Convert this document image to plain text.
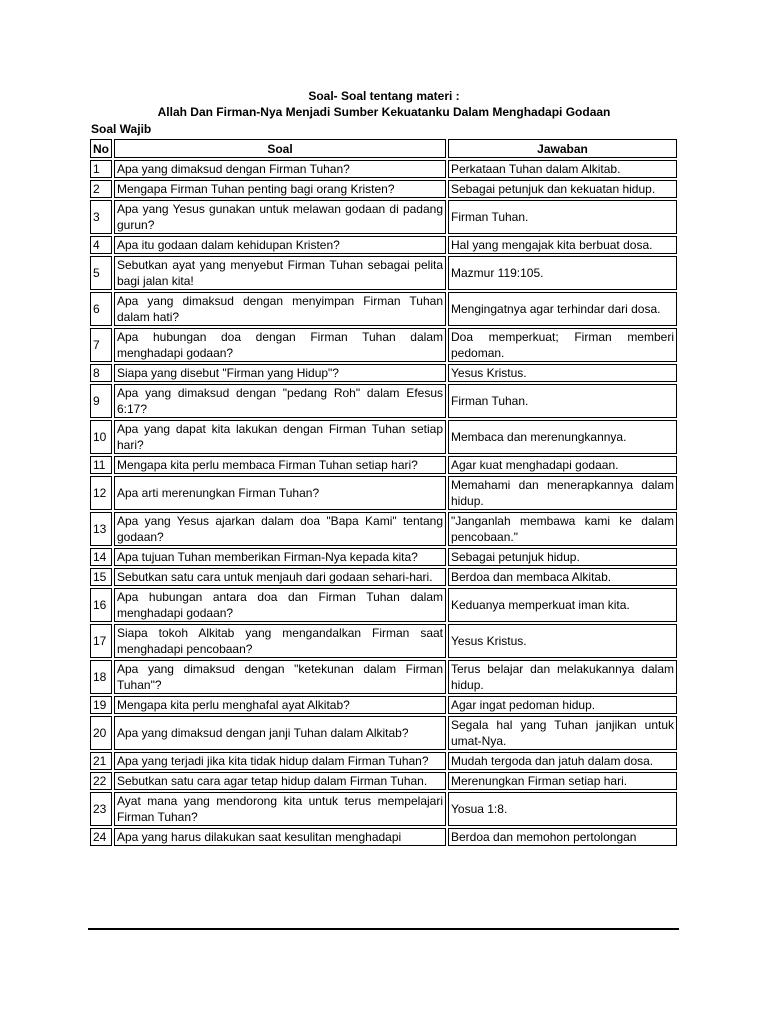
Soal- Soal tentang materi :
Allah Dan Firman-Nya Menjadi Sumber Kekuatanku Dalam Menghadapi Godaan
Soal Wajib
No	Soal	Jawaban
1	Apa yang dimaksud dengan Firman Tuhan?	Perkataan Tuhan dalam Alkitab.
2	Mengapa Firman Tuhan penting bagi orang Kristen?	Sebagai petunjuk dan kekuatan hidup.
3	Apa yang Yesus gunakan untuk melawan godaan di padang gurun?	Firman Tuhan.
4	Apa itu godaan dalam kehidupan Kristen?	Hal yang mengajak kita berbuat dosa.
5	Sebutkan ayat yang menyebut Firman Tuhan sebagai pelita bagi jalan kita!	Mazmur 119:105.
6	Apa yang dimaksud dengan menyimpan Firman Tuhan dalam hati?	Mengingatnya agar terhindar dari dosa.
7	Apa hubungan doa dengan Firman Tuhan dalam menghadapi godaan?	Doa memperkuat; Firman memberi pedoman.
8	Siapa yang disebut "Firman yang Hidup"?	Yesus Kristus.
9	Apa yang dimaksud dengan "pedang Roh" dalam Efesus 6:17?	Firman Tuhan.
10	Apa yang dapat kita lakukan dengan Firman Tuhan setiap hari?	Membaca dan merenungkannya.
11	Mengapa kita perlu membaca Firman Tuhan setiap hari?	Agar kuat menghadapi godaan.
12	Apa arti merenungkan Firman Tuhan?	Memahami dan menerapkannya dalam hidup.
13	Apa yang Yesus ajarkan dalam doa "Bapa Kami" tentang godaan?	"Janganlah membawa kami ke dalam pencobaan."
14	Apa tujuan Tuhan memberikan Firman-Nya kepada kita?	Sebagai petunjuk hidup.
15	Sebutkan satu cara untuk menjauh dari godaan sehari-hari.	Berdoa dan membaca Alkitab.
16	Apa hubungan antara doa dan Firman Tuhan dalam menghadapi godaan?	Keduanya memperkuat iman kita.
17	Siapa tokoh Alkitab yang mengandalkan Firman saat menghadapi pencobaan?	Yesus Kristus.
18	Apa yang dimaksud dengan "ketekunan dalam Firman Tuhan"?	Terus belajar dan melakukannya dalam hidup.
19	Mengapa kita perlu menghafal ayat Alkitab?	Agar ingat pedoman hidup.
20	Apa yang dimaksud dengan janji Tuhan dalam Alkitab?	Segala hal yang Tuhan janjikan untuk umat-Nya.
21	Apa yang terjadi jika kita tidak hidup dalam Firman Tuhan?	Mudah tergoda dan jatuh dalam dosa.
22	Sebutkan satu cara agar tetap hidup dalam Firman Tuhan.	Merenungkan Firman setiap hari.
23	Ayat mana yang mendorong kita untuk terus mempelajari Firman Tuhan?	Yosua 1:8.
24	Apa yang harus dilakukan saat kesulitan menghadapi	Berdoa dan memohon pertolongan
